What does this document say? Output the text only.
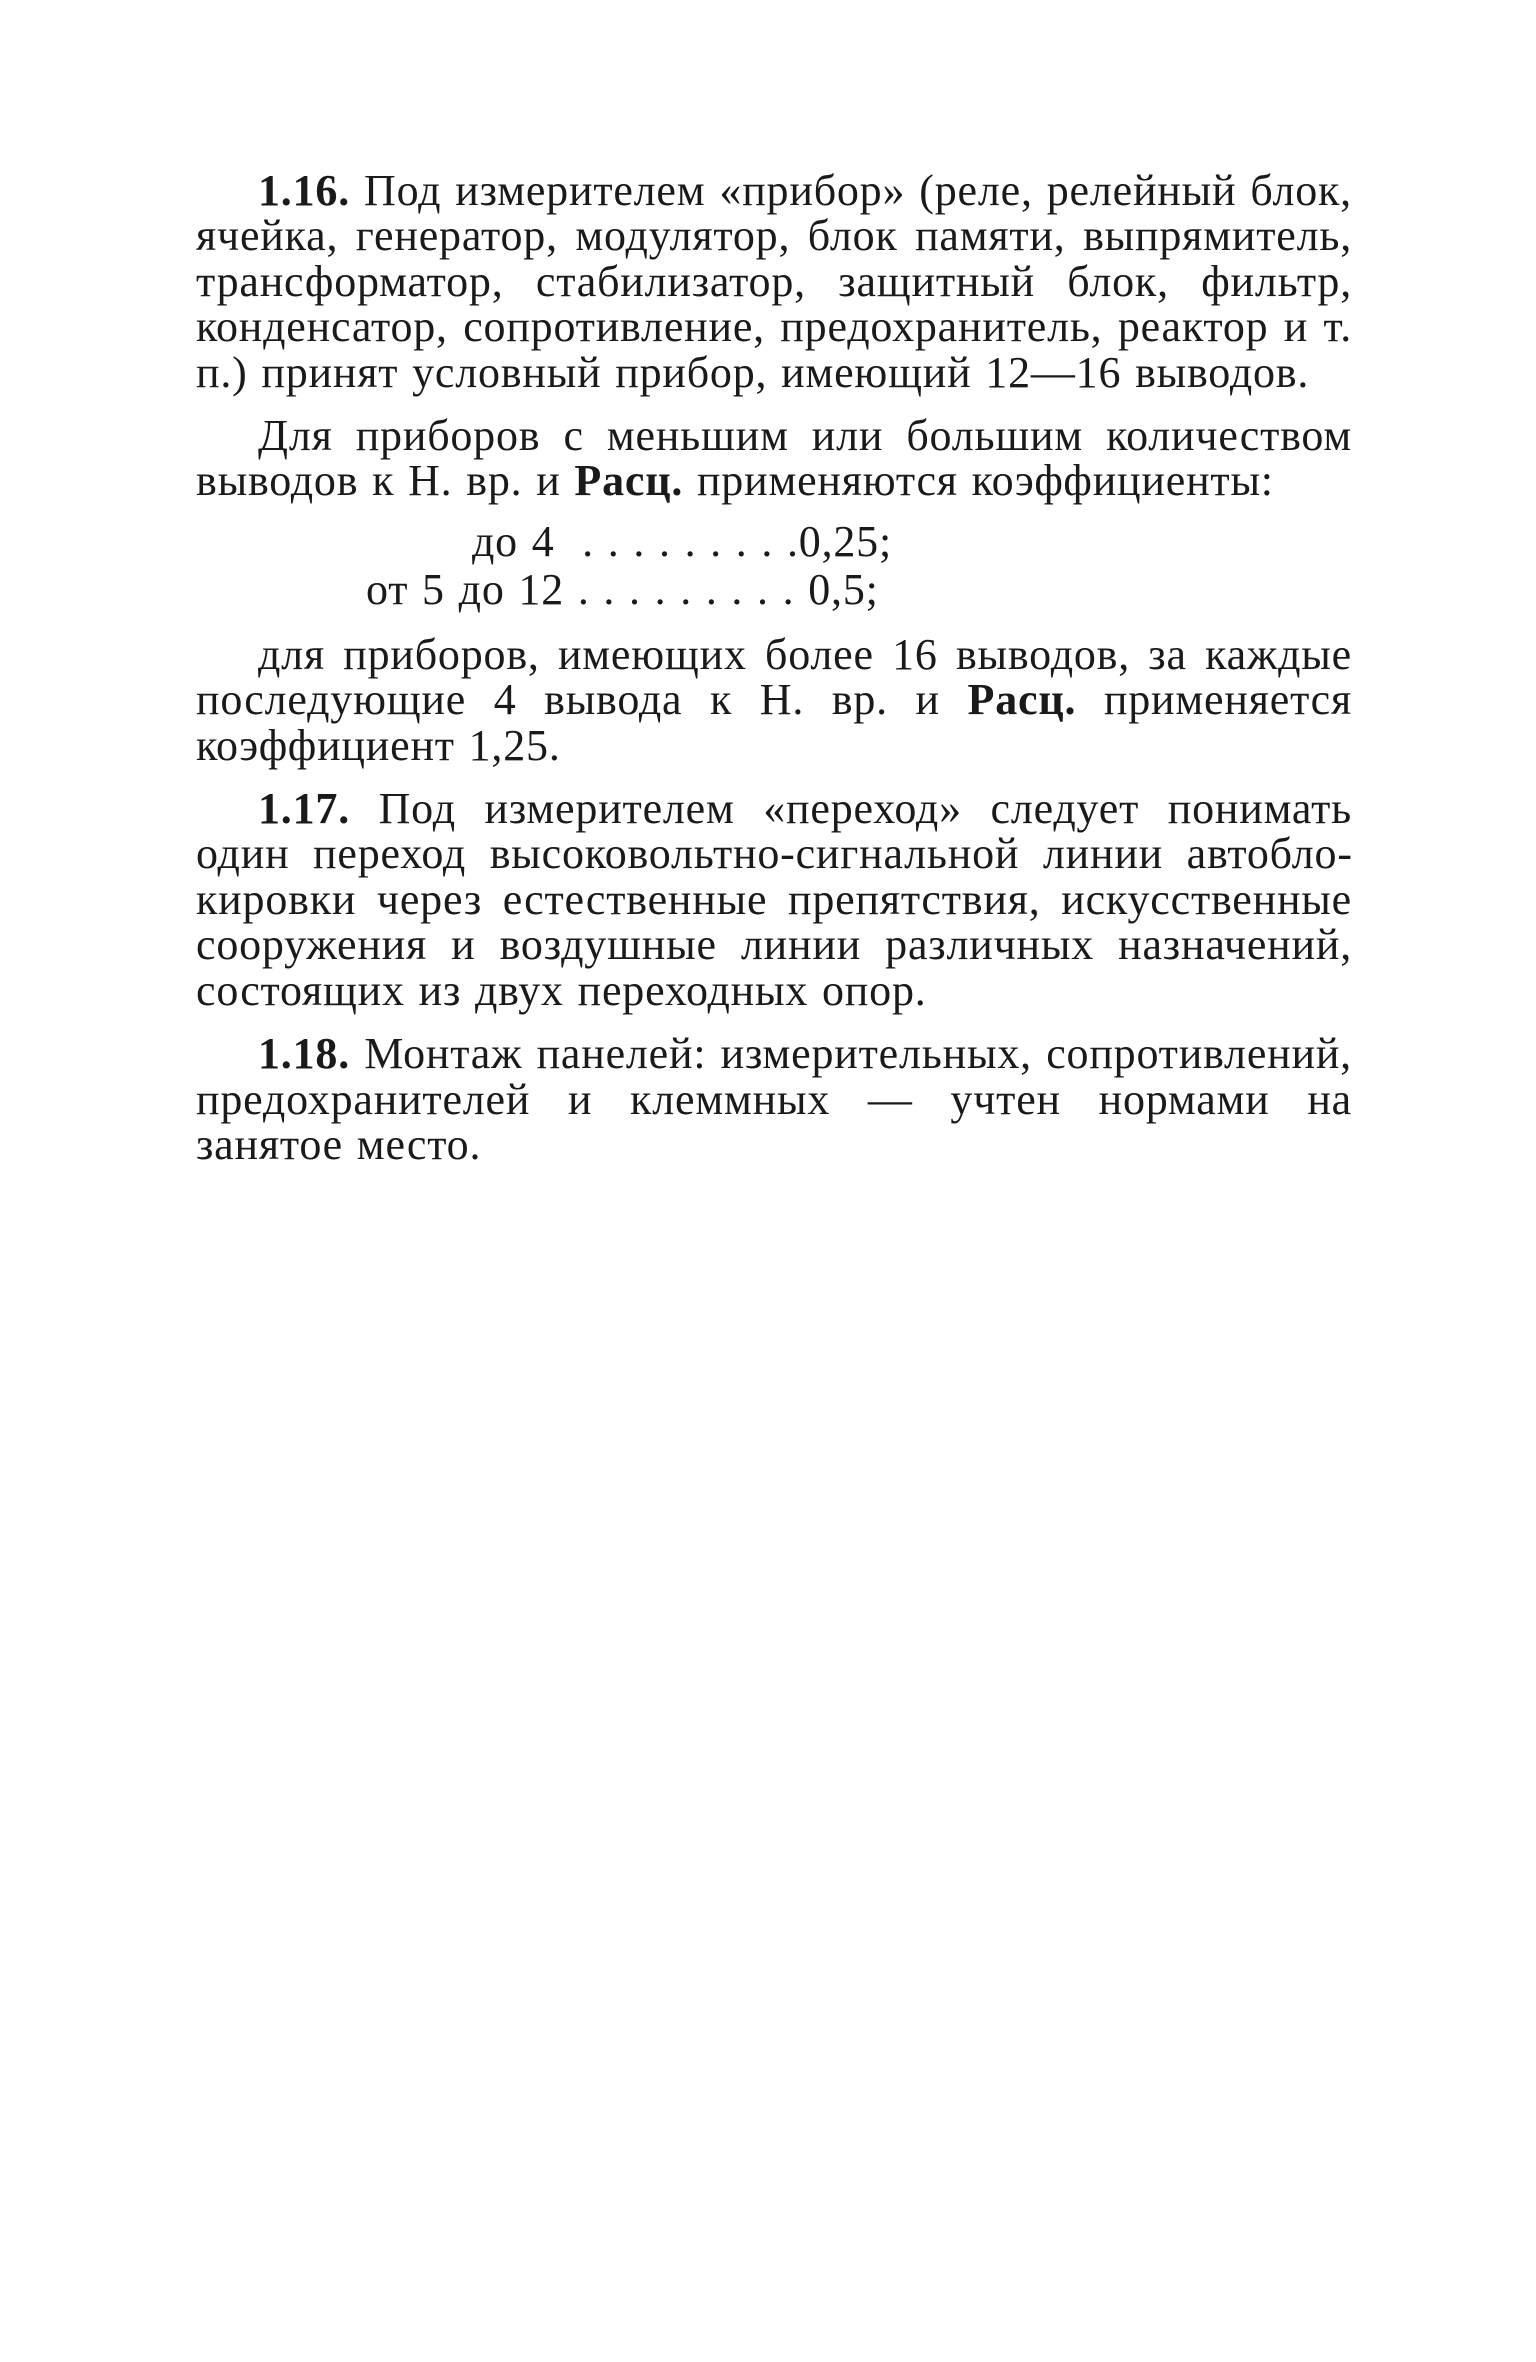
1.16. Под измерителем «прибор» (реле, релейный блок, ячейка, генератор, модулятор, блок памяти, выпрямитель, трансформатор, стабилизатор, защитный блок, фильтр, конденсатор, сопротивление, предохранитель, реактор и т. п.) принят условный прибор, имеющий 12—16 выводов.

Для приборов с меньшим или большим количеством выводов к Н. вр. и Расц. применяются коэффициенты:

до 4  . . . . . . . . .0,25;
от 5 до 12 . . . . . . . . . 0,5;

для приборов, имеющих более 16 выводов, за каждые последующие 4 вывода к Н. вр. и Расц. применяется коэффициент 1,25.

1.17. Под измерителем «переход» следует понимать один переход высоковольтно-сигнальной линии автоблокировки через естественные препятствия, искусственные сооружения и воздушные линии различных назначений, состоящих из двух переходных опор.

1.18. Монтаж панелей: измерительных, сопротивлений, предохранителей и клеммных — учтен нормами на занятое место.
